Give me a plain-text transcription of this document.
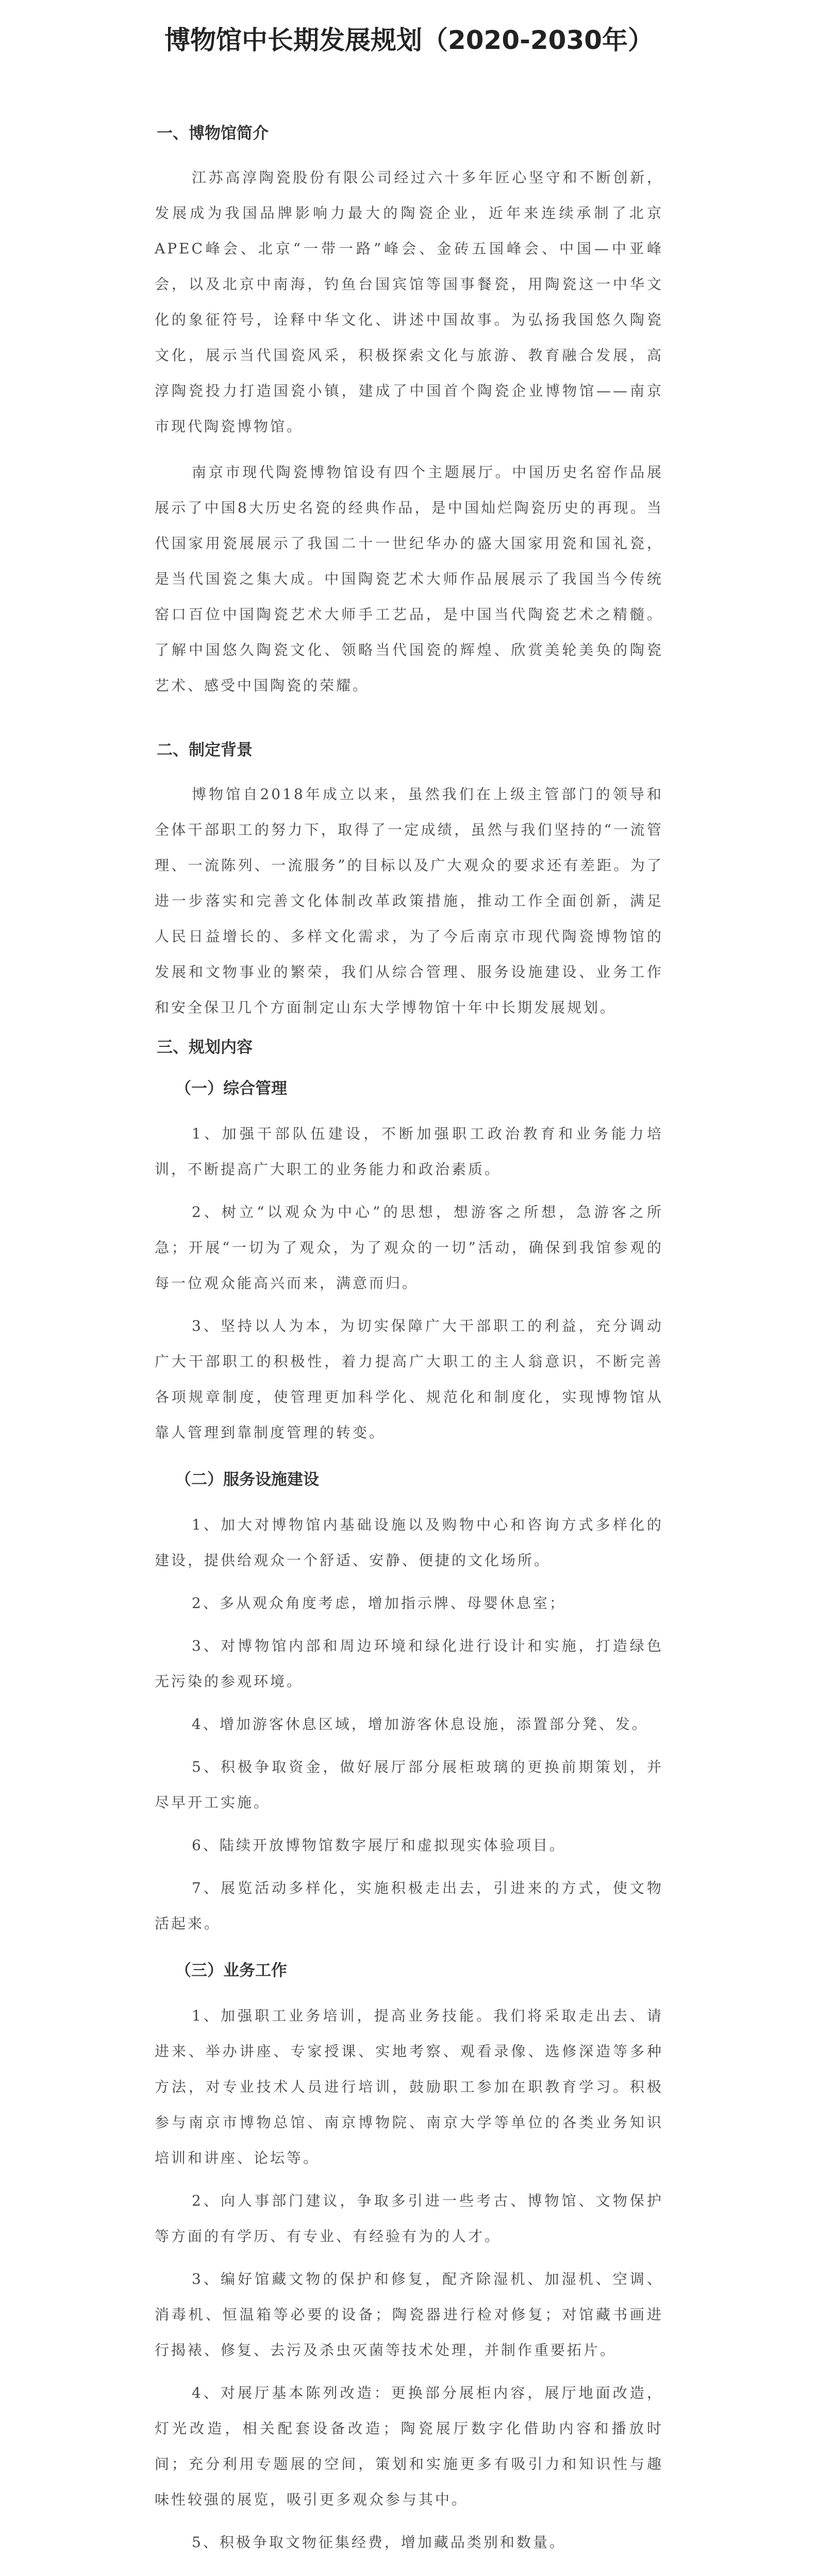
博物馆中长期发展规划（2020-2030年）
一、博物馆简介

江苏高淳陶瓷股份有限公司经过六十多年匠心坚守和不断创新，发展成为我国品牌影响力最大的陶瓷企业，近年来连续承制了北京APEC峰会、北京“一带一路”峰会、金砖五国峰会、中国—中亚峰会，以及北京中南海，钓鱼台国宾馆等国事餐瓷，用陶瓷这一中华文化的象征符号，诠释中华文化、讲述中国故事。为弘扬我国悠久陶瓷文化，展示当代国瓷风采，积极探索文化与旅游、教育融合发展，高淳陶瓷投力打造国瓷小镇，建成了中国首个陶瓷企业博物馆——南京市现代陶瓷博物馆。

南京市现代陶瓷博物馆设有四个主题展厅。中国历史名窑作品展展示了中国8大历史名瓷的经典作品，是中国灿烂陶瓷历史的再现。当代国家用瓷展展示了我国二十一世纪华办的盛大国家用瓷和国礼瓷，是当代国瓷之集大成。中国陶瓷艺术大师作品展展示了我国当今传统窑口百位中国陶瓷艺术大师手工艺品，是中国当代陶瓷艺术之精髓。了解中国悠久陶瓷文化、领略当代国瓷的辉煌、欣赏美轮美奂的陶瓷艺术、感受中国陶瓷的荣耀。

二、制定背景

博物馆自2018年成立以来，虽然我们在上级主管部门的领导和全体干部职工的努力下，取得了一定成绩，虽然与我们坚持的“一流管理、一流陈列、一流服务”的目标以及广大观众的要求还有差距。为了进一步落实和完善文化体制改革政策措施，推动工作全面创新，满足人民日益增长的、多样文化需求，为了今后南京市现代陶瓷博物馆的发展和文物事业的繁荣，我们从综合管理、服务设施建设、业务工作和安全保卫几个方面制定山东大学博物馆十年中长期发展规划。

三、规划内容
（一）综合管理

1、加强干部队伍建设，不断加强职工政治教育和业务能力培训，不断提高广大职工的业务能力和政治素质。

2、树立“以观众为中心”的思想，想游客之所想，急游客之所急；开展“一切为了观众，为了观众的一切”活动，确保到我馆参观的每一位观众能高兴而来，满意而归。

3、坚持以人为本，为切实保障广大干部职工的利益，充分调动广大干部职工的积极性，着力提高广大职工的主人翁意识，不断完善各项规章制度，使管理更加科学化、规范化和制度化，实现博物馆从靠人管理到靠制度管理的转变。

（二）服务设施建设

1、加大对博物馆内基础设施以及购物中心和咨询方式多样化的建设，提供给观众一个舒适、安静、便捷的文化场所。

2、多从观众角度考虑，增加指示牌、母婴休息室；

3、对博物馆内部和周边环境和绿化进行设计和实施，打造绿色无污染的参观环境。

4、增加游客休息区域，增加游客休息设施，添置部分凳、发。

5、积极争取资金，做好展厅部分展柜玻璃的更换前期策划，并尽早开工实施。

6、陆续开放博物馆数字展厅和虚拟现实体验项目。

7、展览活动多样化，实施积极走出去，引进来的方式，使文物活起来。

（三）业务工作

1、加强职工业务培训，提高业务技能。我们将采取走出去、请进来、举办讲座、专家授课、实地考察、观看录像、选修深造等多种方法，对专业技术人员进行培训，鼓励职工参加在职教育学习。积极参与南京市博物总馆、南京博物院、南京大学等单位的各类业务知识培训和讲座、论坛等。

2、向人事部门建议，争取多引进一些考古、博物馆、文物保护等方面的有学历、有专业、有经验有为的人才。

3、编好馆藏文物的保护和修复，配齐除湿机、加湿机、空调、消毒机、恒温箱等必要的设备；陶瓷器进行检对修复；对馆藏书画进行揭裱、修复、去污及杀虫灭菌等技术处理，并制作重要拓片。

4、对展厅基本陈列改造：更换部分展柜内容，展厅地面改造，灯光改造，相关配套设备改造；陶瓷展厅数字化借助内容和播放时间；充分利用专题展的空间，策划和实施更多有吸引力和知识性与趣味性较强的展览，吸引更多观众参与其中。

5、积极争取文物征集经费，增加藏品类别和数量。
